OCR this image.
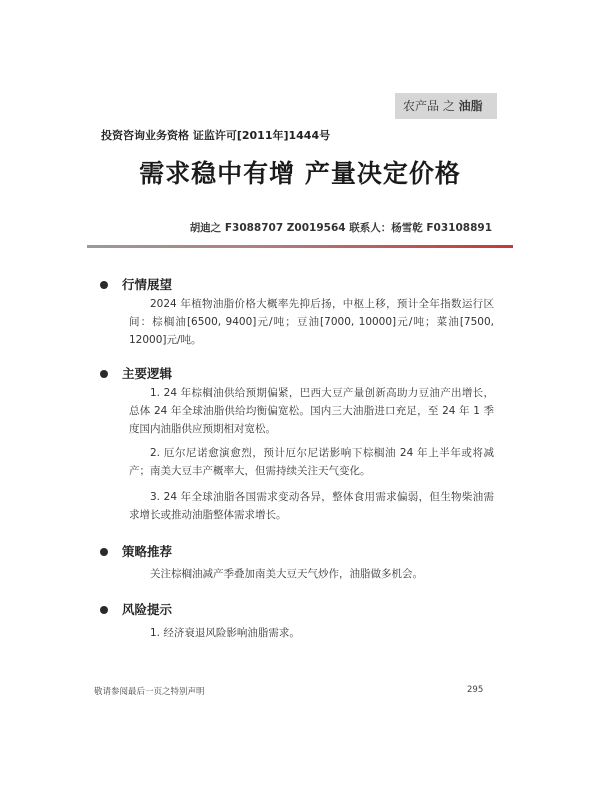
农产品 之 油脂
投资咨询业务资格 证监许可[2011年]1444号
需求稳中有增 产量决定价格
胡迪之 F3088707 Z0019564 联系人：杨雪乾 F03108891
行情展望
2024 年植物油脂价格大概率先抑后扬，中枢上移，预计全年指数运行区间：棕榈油[6500, 9400]元/吨；豆油[7000, 10000]元/吨；菜油[7500, 12000]元/吨。
主要逻辑
1. 24 年棕榈油供给预期偏紧，巴西大豆产量创新高助力豆油产出增长，总体 24 年全球油脂供给均衡偏宽松。国内三大油脂进口充足，至 24 年 1 季度国内油脂供应预期相对宽松。
2. 厄尔尼诺愈演愈烈，预计厄尔尼诺影响下棕榈油 24 年上半年或将减产；南美大豆丰产概率大，但需持续关注天气变化。
3. 24 年全球油脂各国需求变动各异，整体食用需求偏弱，但生物柴油需求增长或推动油脂整体需求增长。
策略推荐
关注棕榈油减产季叠加南美大豆天气炒作，油脂做多机会。
风险提示
1. 经济衰退风险影响油脂需求。
敬请参阅最后一页之特别声明	295
